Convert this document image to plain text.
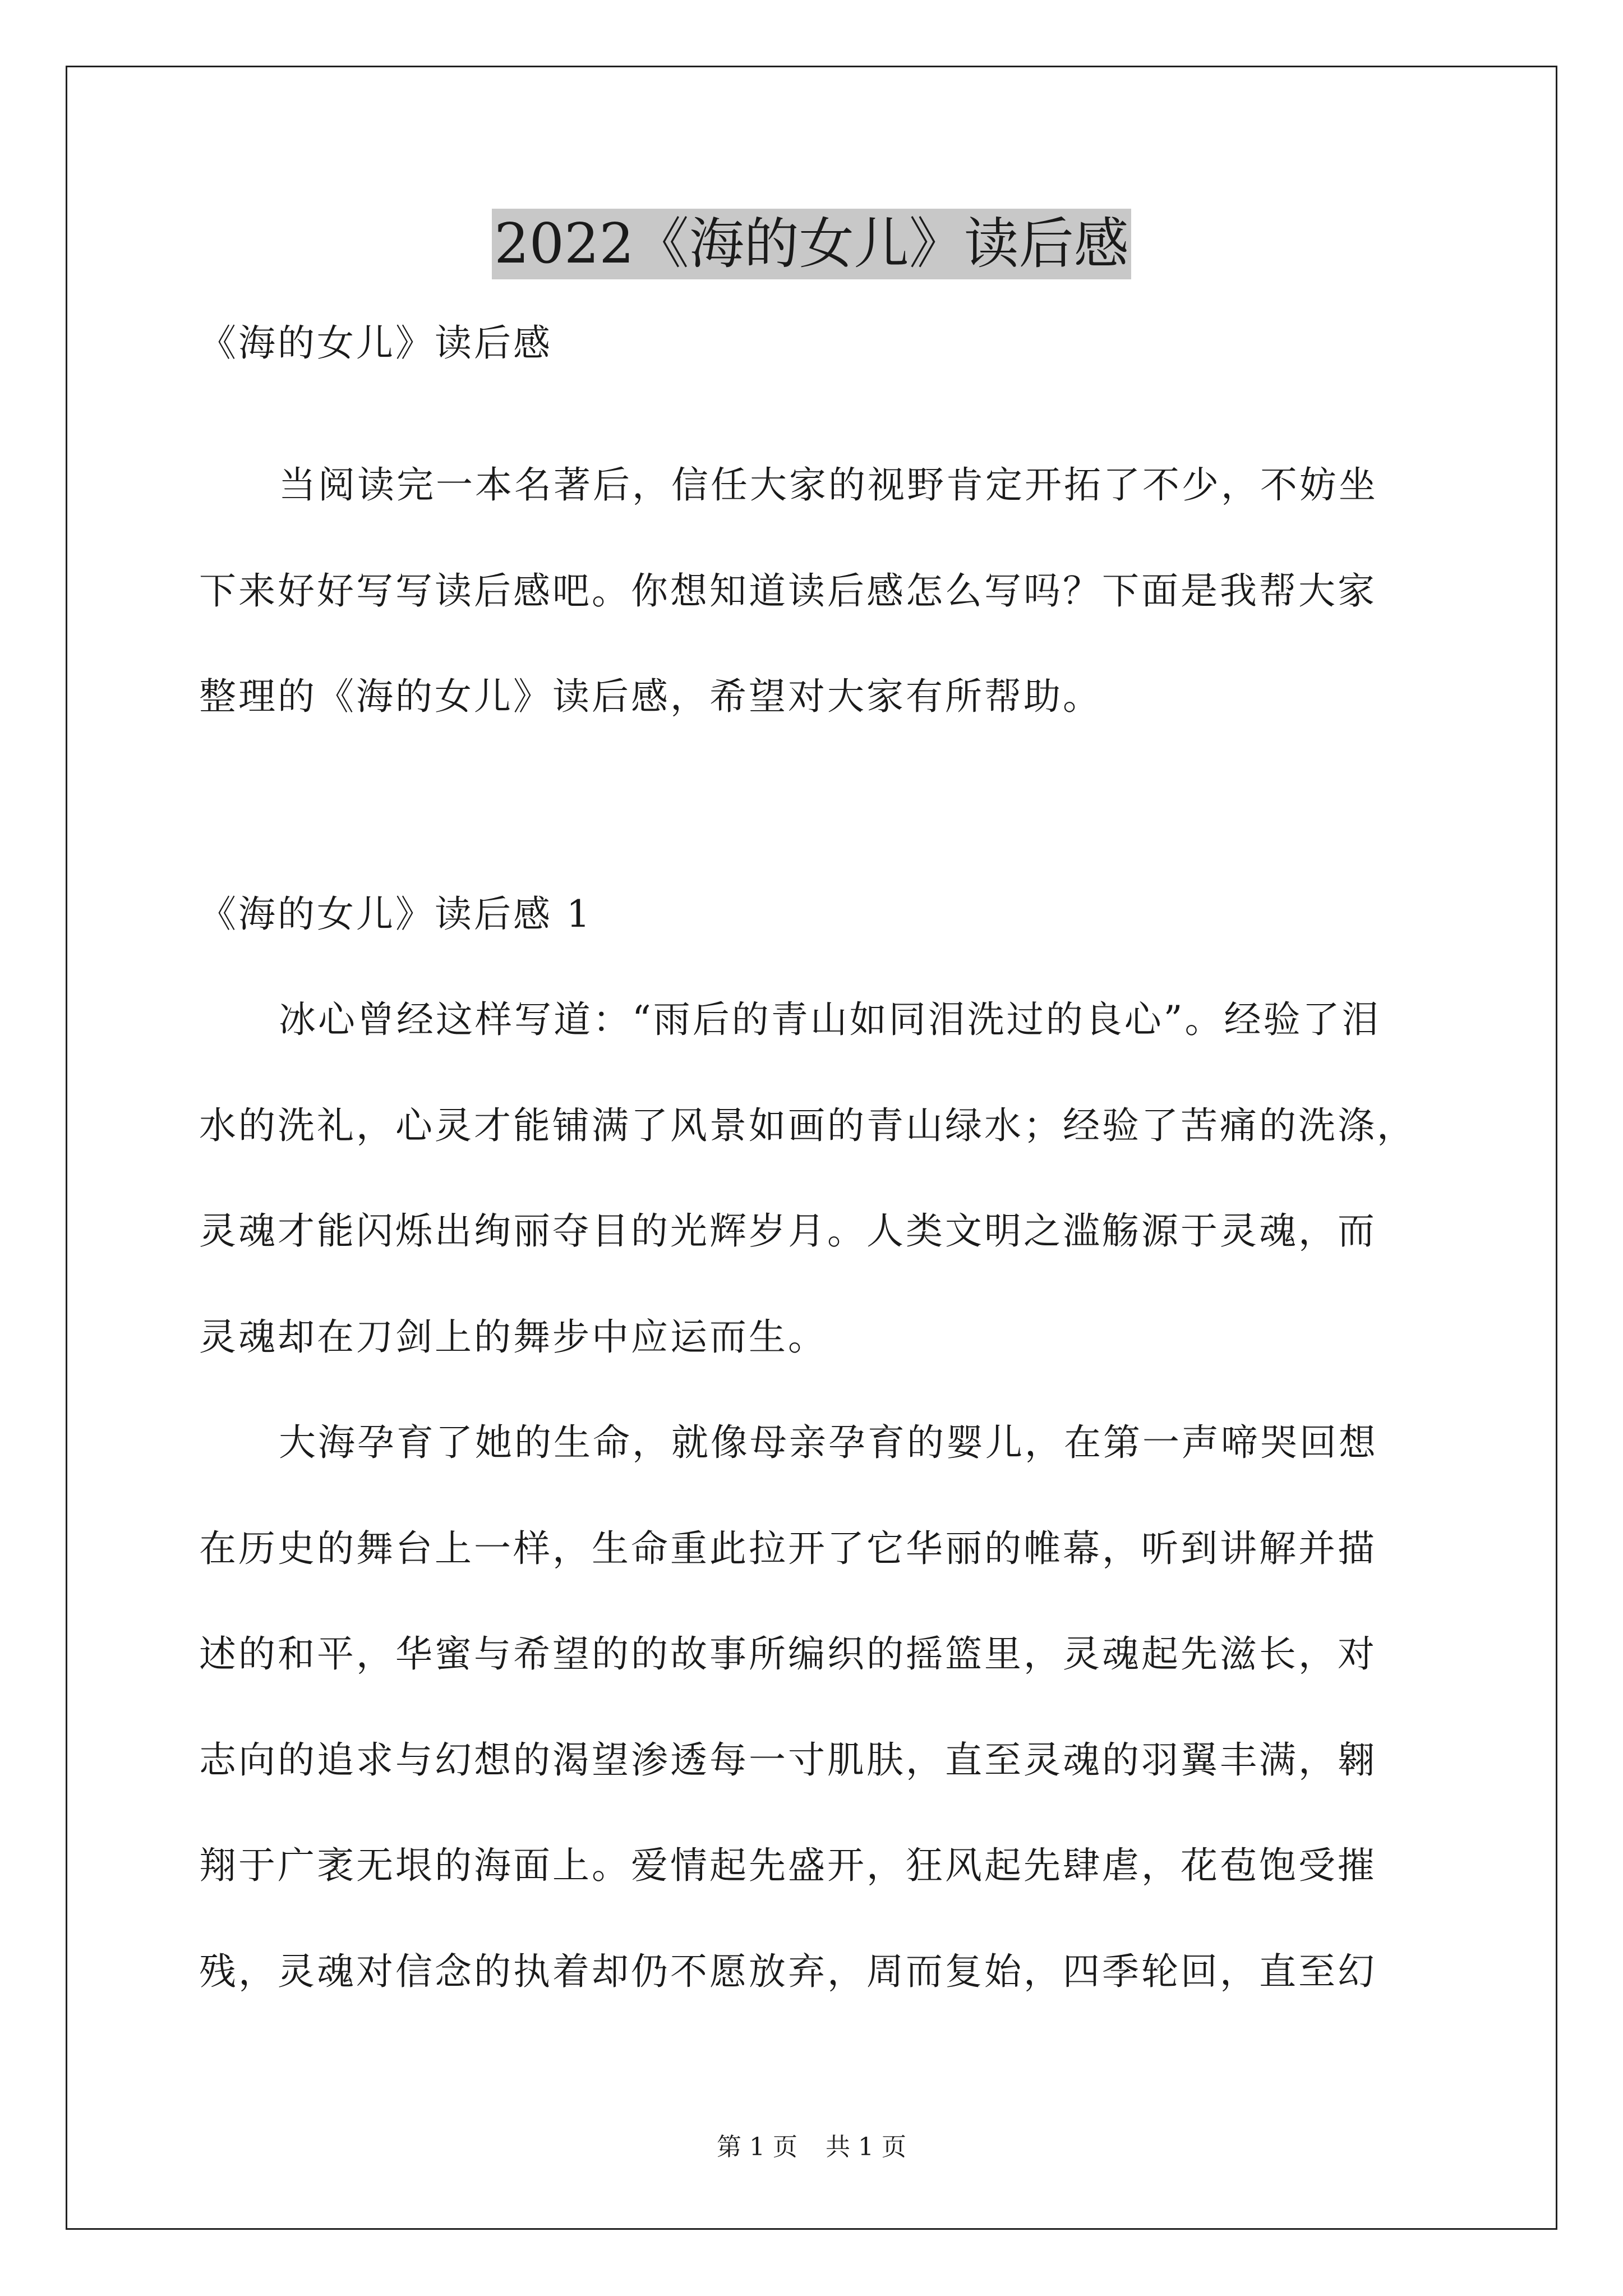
2022《海的女儿》读后感

《海的女儿》读后感

当阅读完一本名著后，信任大家的视野肯定开拓了不少，不妨坐

下来好好写写读后感吧。你想知道读后感怎么写吗？下面是我帮大家

整理的《海的女儿》读后感，希望对大家有所帮助。

《海的女儿》读后感 1

冰心曾经这样写道：“雨后的青山如同泪洗过的良心”。经验了泪

水的洗礼，心灵才能铺满了风景如画的青山绿水；经验了苦痛的洗涤，

灵魂才能闪烁出绚丽夺目的光辉岁月。人类文明之滥觞源于灵魂，而

灵魂却在刀剑上的舞步中应运而生。

大海孕育了她的生命，就像母亲孕育的婴儿，在第一声啼哭回想

在历史的舞台上一样，生命重此拉开了它华丽的帷幕，听到讲解并描

述的和平，华蜜与希望的的故事所编织的摇篮里，灵魂起先滋长，对

志向的追求与幻想的渴望渗透每一寸肌肤，直至灵魂的羽翼丰满，翱

翔于广袤无垠的海面上。爱情起先盛开，狂风起先肆虐，花苞饱受摧

残，灵魂对信念的执着却仍不愿放弃，周而复始，四季轮回，直至幻

第 1 页 共 1 页
